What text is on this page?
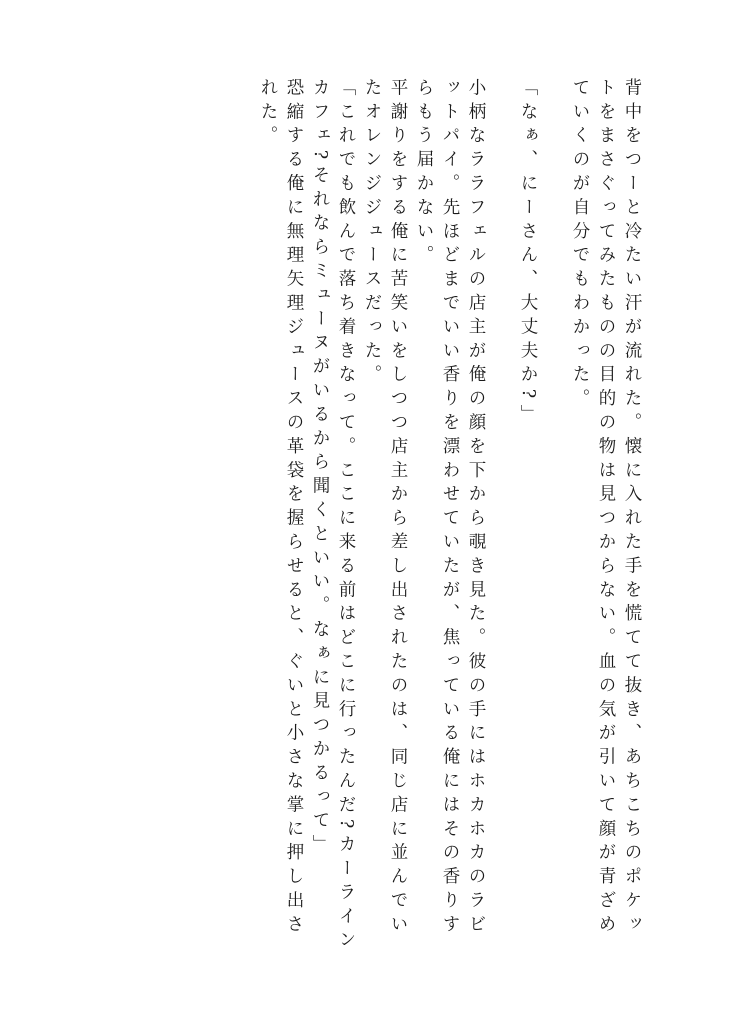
背中をつーと冷たい汗が流れた。懐に入れた手を慌てて抜き、あちこちのポケットをまさぐってみたものの目的の物は見つからない。血の気が引いて顔が青ざめていくのが自分でもわかった。

「なぁ、にーさん、大丈夫か?」

小柄なララフェルの店主が俺の顔を下から覗き見た。彼の手にはホカホカのラビットパイ。先ほどまでいい香りを漂わせていたが、焦っている俺にはその香りすらもう届かない。

平謝りをする俺に苦笑いをしつつ店主から差し出されたのは、同じ店に並んでいたオレンジジュースだった。

「これでも飲んで落ち着きなって。ここに来る前はどこに行ったんだ?カーラインカフェ?それならミューヌがいるから聞くといい。なぁに見つかるって」

恐縮する俺に無理矢理ジュースの革袋を握らせると、ぐいと小さな掌に押し出された。
